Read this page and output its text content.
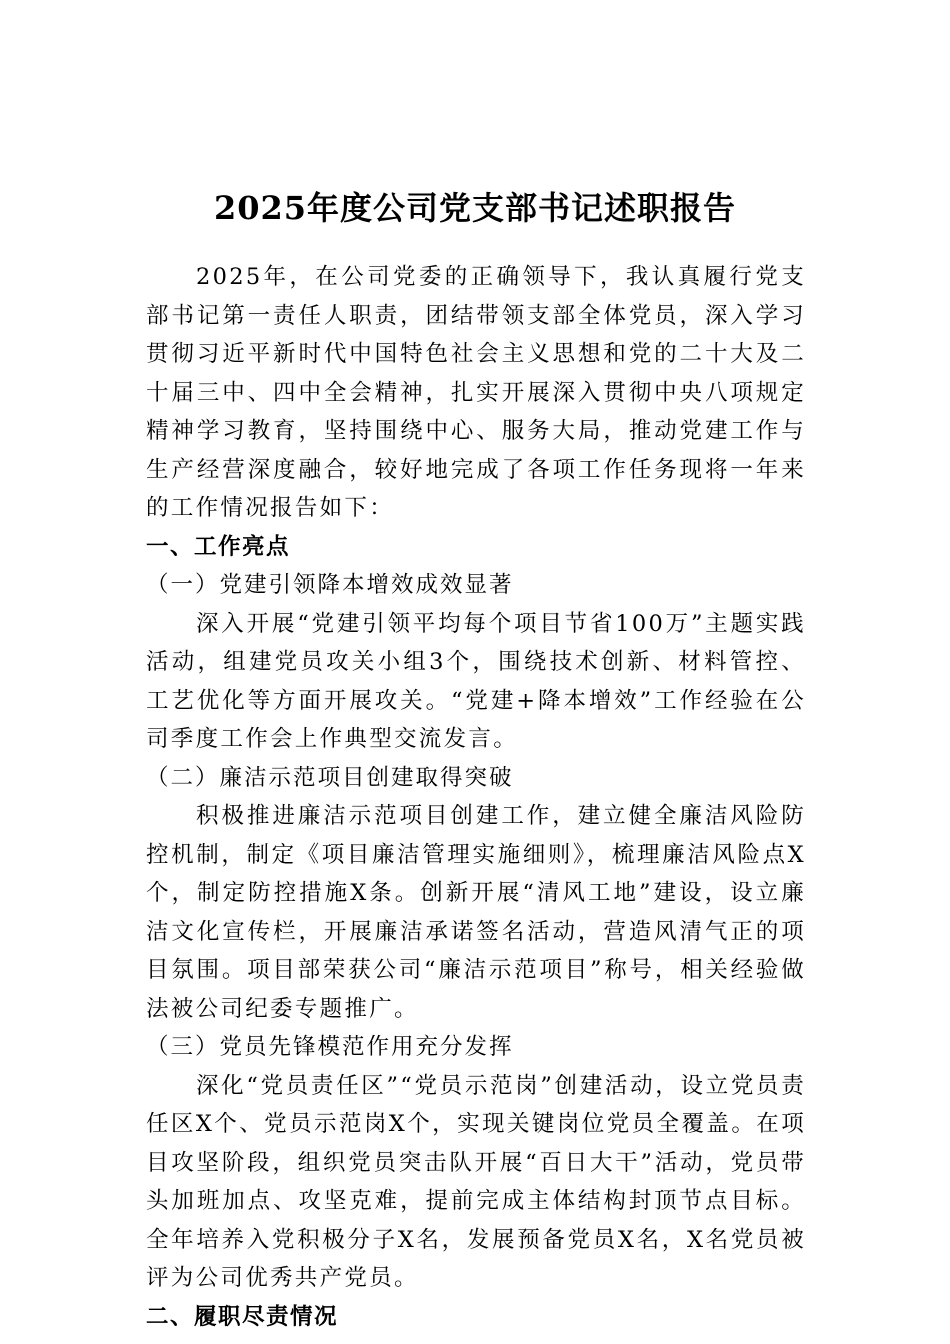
2025年度公司党支部书记述职报告

2025年，在公司党委的正确领导下，我认真履行党支部书记第一责任人职责，团结带领支部全体党员，深入学习贯彻习近平新时代中国特色社会主义思想和党的二十大及二十届三中、四中全会精神，扎实开展深入贯彻中央八项规定精神学习教育，坚持围绕中心、服务大局，推动党建工作与生产经营深度融合，较好地完成了各项工作任务现将一年来的工作情况报告如下：

一、工作亮点

（一）党建引领降本增效成效显著

深入开展“党建引领平均每个项目节省100万”主题实践活动，组建党员攻关小组3个，围绕技术创新、材料管控、工艺优化等方面开展攻关。“党建+降本增效”工作经验在公司季度工作会上作典型交流发言。

（二）廉洁示范项目创建取得突破

积极推进廉洁示范项目创建工作，建立健全廉洁风险防控机制，制定《项目廉洁管理实施细则》，梳理廉洁风险点X个，制定防控措施X条。创新开展“清风工地”建设，设立廉洁文化宣传栏，开展廉洁承诺签名活动，营造风清气正的项目氛围。项目部荣获公司“廉洁示范项目”称号，相关经验做法被公司纪委专题推广。

（三）党员先锋模范作用充分发挥

深化“党员责任区”“党员示范岗”创建活动，设立党员责任区X个、党员示范岗X个，实现关键岗位党员全覆盖。在项目攻坚阶段，组织党员突击队开展“百日大干”活动，党员带头加班加点、攻坚克难，提前完成主体结构封顶节点目标。全年培养入党积极分子X名，发展预备党员X名，X名党员被评为公司优秀共产党员。

二、履职尽责情况
